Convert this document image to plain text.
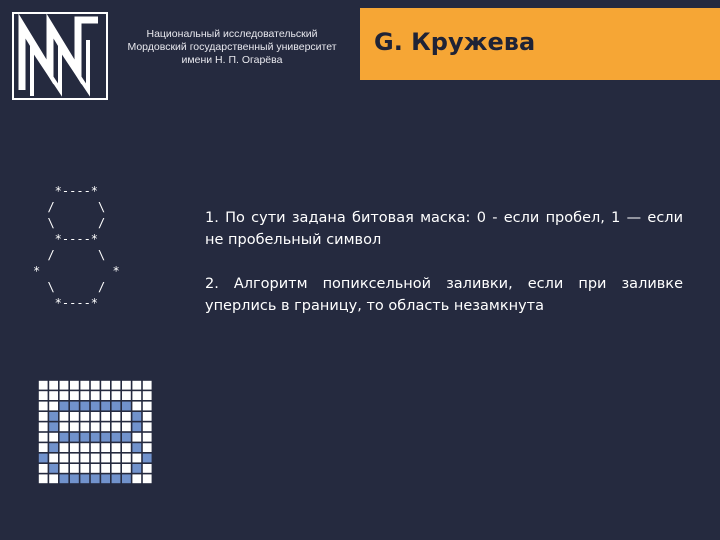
Национальный исследовательский
Мордовский государственный университет
имени Н. П. Огарёва
G. Кружева
*----*
/      \
\      /
*----*
/      \
*          *
\      /
*----*

1. По сути задана битовая маска: 0 - если пробел, 1 — если не пробельный символ

2. Алгоритм попиксельной заливки, если при заливке уперлись в границу, то область незамкнута
